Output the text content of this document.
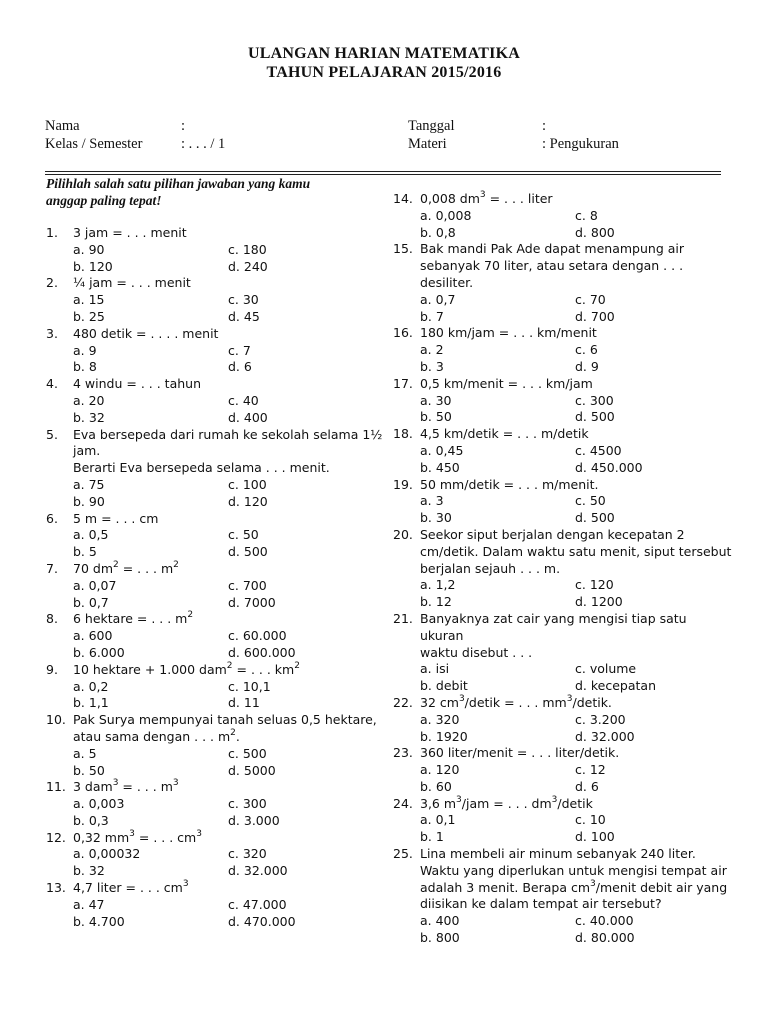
ULANGAN HARIAN MATEMATIKA
TAHUN PELAJARAN 2015/2016
Nama	:
Kelas / Semester	: . . . / 1
Tanggal	:
Materi	: Pengukuran
Pilihlah salah satu pilihan jawaban yang kamu
anggap paling tepat!
1. 3 jam = . . . menit
a. 90	c. 180
b. 120	d. 240
2. ¼ jam = . . . menit
a. 15	c. 30
b. 25	d. 45
3. 480 detik = . . . . menit
a. 9	c. 7
b. 8	d. 6
4. 4 windu = . . . tahun
a. 20	c. 40
b. 32	d. 400
5. Eva bersepeda dari rumah ke sekolah selama 1½
jam.
Berarti Eva bersepeda selama . . . menit.
a. 75	c. 100
b. 90	d. 120
6. 5 m = . . . cm
a. 0,5	c. 50
b. 5	d. 500
7. 70 $dm^2$ = . . . $m^2$
a. 0,07	c. 700
b. 0,7	d. 7000
8. 6 hektare = . . . $m^2$
a. 600	c. 60.000
b. 6.000	d. 600.000
9. 10 hektare + 1.000 dam$^2$ = . . . $km^2$
a. 0,2	c. 10,1
b. 1,1	d. 11
10. Pak Surya mempunyai tanah seluas 0,5 hektare,
atau sama dengan . . . $m^2$.
a. 5	c. 500
b. 50	d. 5000
11. 3 dam$^3$ = . . . $m^3$
a. 0,003	c. 300
b. 0,3	d. 3.000
12. 0,32 $mm^3$ = . . . $cm^3$
a. 0,00032	c. 320
b. 32	d. 32.000
13. 4,7 liter = . . . $cm^3$
a. 47	c. 47.000
b. 4.700	d. 470.000
14. 0,008 $dm^3$ = . . . liter
a. 0,008	c. 8
b. 0,8	d. 800
15. Bak mandi Pak Ade dapat menampung air
sebanyak 70 liter, atau setara dengan . . . desiliter.
a. 0,7	c. 70
b. 7	d. 700
16. 180 km/jam = . . . km/menit
a. 2	c. 6
b. 3	d. 9
17. 0,5 km/menit = . . . km/jam
a. 30	c. 300
b. 50	d. 500
18. 4,5 km/detik = . . . m/detik
a. 0,45	c. 4500
b. 450	d. 450.000
19. 50 mm/detik = . . . m/menit.
a. 3	c. 50
b. 30	d. 500
20. Seekor siput berjalan dengan kecepatan 2
cm/detik. Dalam waktu satu menit, siput tersebut
berjalan sejauh . . . m.
a. 1,2	c. 120
b. 12	d. 1200
21. Banyaknya zat cair yang mengisi tiap satu ukuran
waktu disebut . . .
a. isi	c. volume
b. debit	d. kecepatan
22. 32 $cm^3$/detik = . . . $mm^3$/detik.
a. 320	c. 3.200
b. 1920	d. 32.000
23. 360 liter/menit = . . . liter/detik.
a. 120	c. 12
b. 60	d. 6
24. 3,6 $m^3$/jam = . . . $dm^3$/detik
a. 0,1	c. 10
b. 1	d. 100
25. Lina membeli air minum sebanyak 240 liter.
Waktu yang diperlukan untuk mengisi tempat air
adalah 3 menit. Berapa $cm^3$/menit debit air yang
diisikan ke dalam tempat air tersebut?
a. 400	c. 40.000
b. 800	d. 80.000
